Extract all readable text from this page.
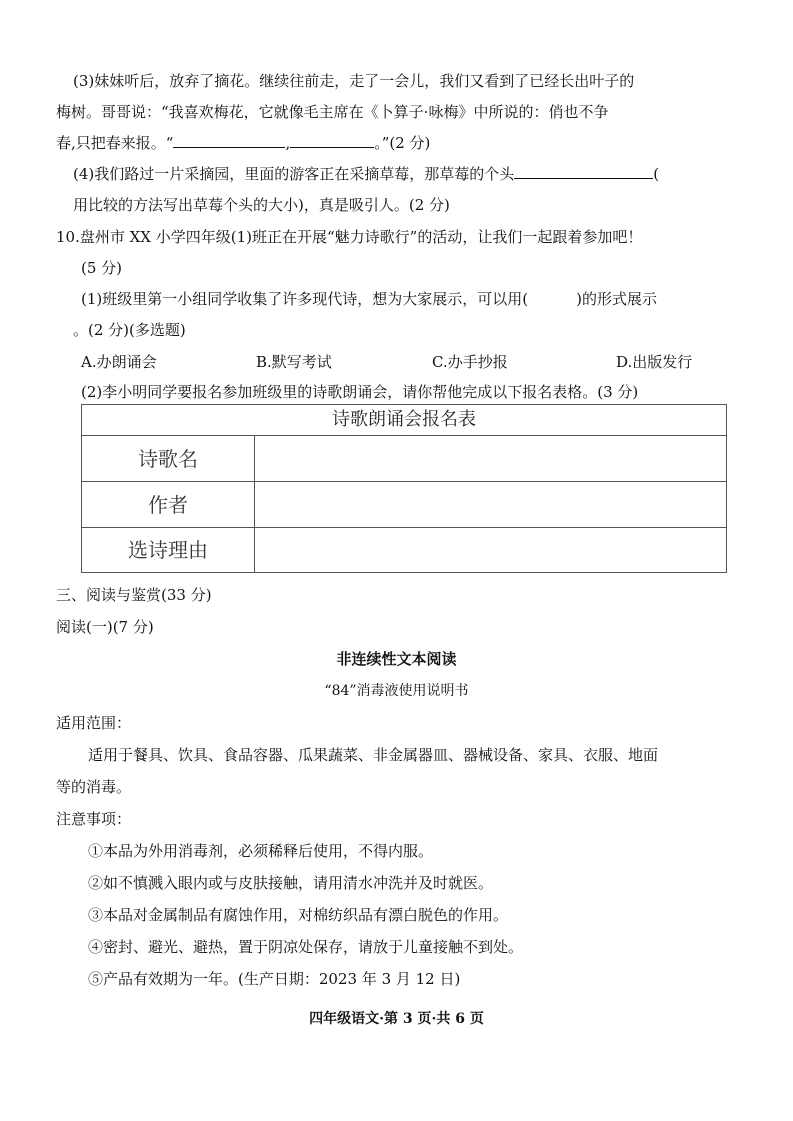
(3)妹妹听后，放弃了摘花。继续往前走，走了一会儿，我们又看到了已经长出叶子的
梅树。哥哥说：“我喜欢梅花，它就像毛主席在《卜算子·咏梅》中所说的：俏也不争
春,只把春来报。“	,	。”(2 分)
(4)我们路过一片采摘园，里面的游客正在采摘草莓，那草莓的个头	(
用比较的方法写出草莓个头的大小)，真是吸引人。(2 分)
10.盘州市 XX 小学四年级(1)班正在开展“魅力诗歌行”的活动，让我们一起跟着参加吧！
(5 分)
(1)班级里第一小组同学收集了许多现代诗，想为大家展示，可以用(	)的形式展示
。(2 分)(多选题)
A.办朗诵会	B.默写考试	C.办手抄报	D.出版发行
(2)李小明同学要报名参加班级里的诗歌朗诵会，请你帮他完成以下报名表格。(3 分)
诗歌朗诵会报名表
诗歌名
作者
选诗理由
三、阅读与鉴赏(33 分)
阅读(一)(7 分)
非连续性文本阅读
“84”消毒液使用说明书
适用范围：
适用于餐具、饮具、食品容器、瓜果蔬菜、非金属器皿、器械设备、家具、衣服、地面
等的消毒。
注意事项：
①本品为外用消毒剂，必须稀释后使用，不得内服。
②如不慎溅入眼内或与皮肤接触，请用清水冲洗并及时就医。
③本品对金属制品有腐蚀作用，对棉纺织品有漂白脱色的作用。
④密封、避光、避热，置于阴凉处保存，请放于儿童接触不到处。
⑤产品有效期为一年。(生产日期：2023 年 3 月 12 日)
四年级语文·第 3 页·共 6 页
